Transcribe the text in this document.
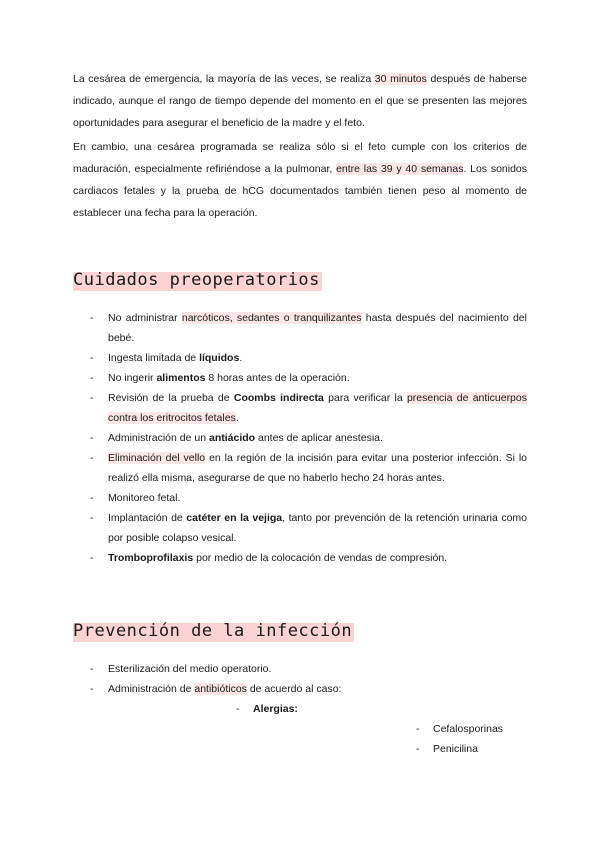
La cesárea de emergencia, la mayoría de las veces, se realiza 30 minutos después de haberse indicado, aunque el rango de tiempo depende del momento en el que se presenten las mejores oportunidades para asegurar el beneficio de la madre y el feto.

En cambio, una cesárea programada se realiza sólo si el feto cumple con los criterios de maduración, especialmente refiriéndose a la pulmonar, entre las 39 y 40 semanas. Los sonidos cardiacos fetales y la prueba de hCG documentados también tienen peso al momento de establecer una fecha para la operación.

Cuidados preoperatorios
- No administrar narcóticos, sedantes o tranquilizantes hasta después del nacimiento del bebé.
- Ingesta limitada de líquidos.
- No ingerir alimentos 8 horas antes de la operación.
- Revisión de la prueba de Coombs indirecta para verificar la presencia de anticuerpos contra los eritrocitos fetales.
- Administración de un antiácido antes de aplicar anestesia.
- Eliminación del vello en la región de la incisión para evitar una posterior infección. Si lo realizó ella misma, asegurarse de que no haberlo hecho 24 horas antes.
- Monitoreo fetal.
- Implantación de catéter en la vejiga, tanto por prevención de la retención urinaria como por posible colapso vesical.
- Tromboprofilaxis por medio de la colocación de vendas de compresión.
Prevención de la infección
- Esterilización del medio operatorio.
- Administración de antibióticos de acuerdo al caso:
- Alergias:
- Cefalosporinas
- Penicilina
